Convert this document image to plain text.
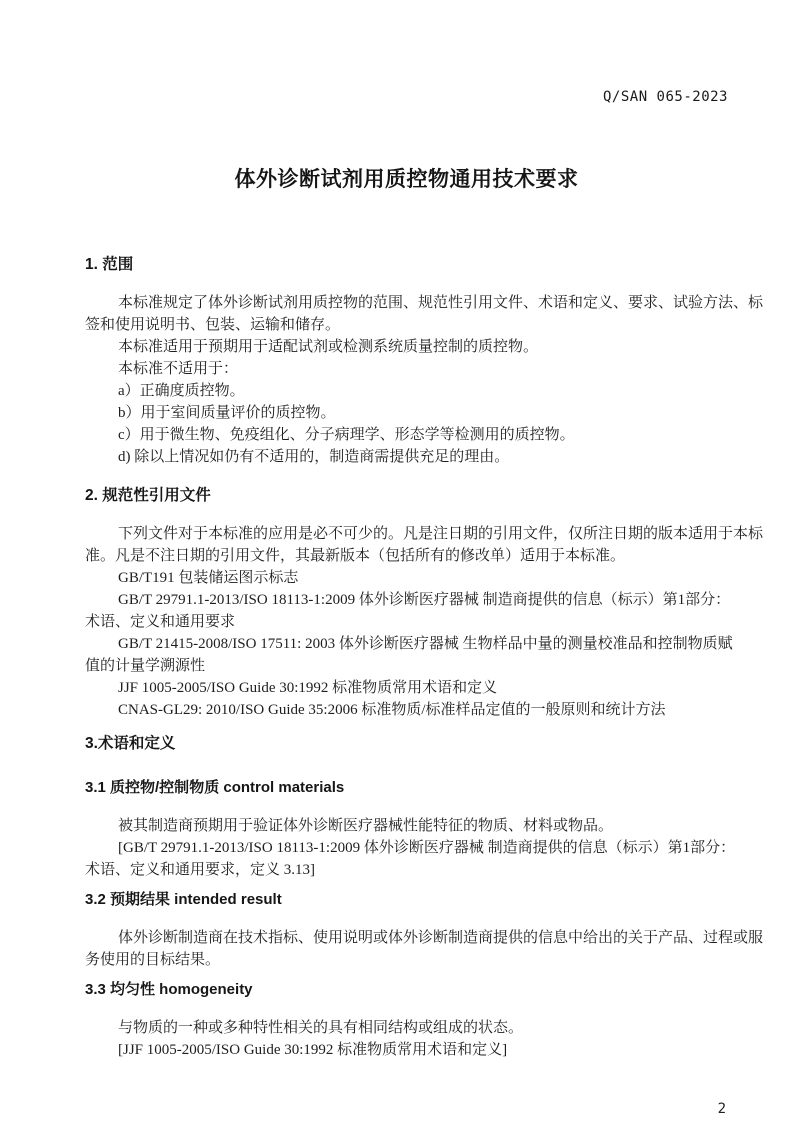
Q/SAN 065-2023
体外诊断试剂用质控物通用技术要求
1. 范围
本标准规定了体外诊断试剂用质控物的范围、规范性引用文件、术语和定义、要求、试验方法、标
签和使用说明书、包装、运输和储存。
本标准适用于预期用于适配试剂或检测系统质量控制的质控物。
本标准不适用于：
a）正确度质控物。
b）用于室间质量评价的质控物。
c）用于微生物、免疫组化、分子病理学、形态学等检测用的质控物。
d) 除以上情况如仍有不适用的，制造商需提供充足的理由。
2. 规范性引用文件
下列文件对于本标准的应用是必不可少的。凡是注日期的引用文件，仅所注日期的版本适用于本标
准。凡是不注日期的引用文件，其最新版本（包括所有的修改单）适用于本标准。
GB/T191 包装储运图示标志
GB/T 29791.1-2013/ISO 18113-1:2009 体外诊断医疗器械 制造商提供的信息（标示）第1部分：
术语、定义和通用要求
GB/T 21415-2008/ISO 17511: 2003 体外诊断医疗器械 生物样品中量的测量校准品和控制物质赋
值的计量学溯源性
JJF 1005-2005/ISO Guide 30:1992 标准物质常用术语和定义
CNAS-GL29: 2010/ISO Guide 35:2006 标准物质/标准样品定值的一般原则和统计方法
3.术语和定义
3.1 质控物/控制物质 control materials
被其制造商预期用于验证体外诊断医疗器械性能特征的物质、材料或物品。
[GB/T 29791.1-2013/ISO 18113-1:2009 体外诊断医疗器械 制造商提供的信息（标示）第1部分：
术语、定义和通用要求，定义 3.13]
3.2 预期结果 intended result
体外诊断制造商在技术指标、使用说明或体外诊断制造商提供的信息中给出的关于产品、过程或服
务使用的目标结果。
3.3 均匀性 homogeneity
与物质的一种或多种特性相关的具有相同结构或组成的状态。
[JJF 1005-2005/ISO Guide 30:1992 标准物质常用术语和定义]
2
